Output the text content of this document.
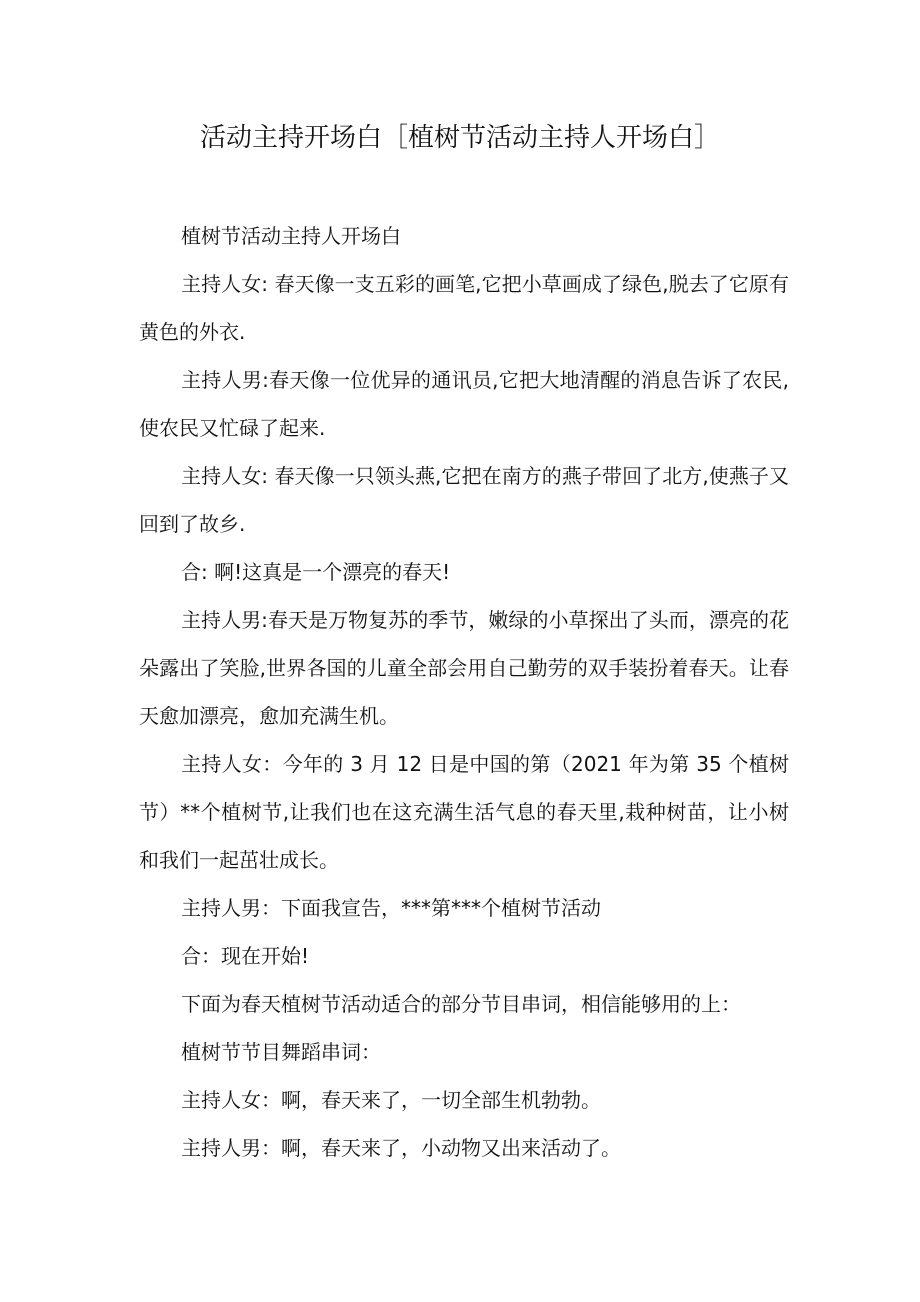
活动主持开场白［植树节活动主持人开场白］

植树节活动主持人开场白

主持人女: 春天像一支五彩的画笔,它把小草画成了绿色,脱去了它原有黄色的外衣.

主持人男:春天像一位优异的通讯员,它把大地清醒的消息告诉了农民,使农民又忙碌了起来.

主持人女: 春天像一只领头燕,它把在南方的燕子带回了北方,使燕子又回到了故乡.

合: 啊!这真是一个漂亮的春天!

主持人男:春天是万物复苏的季节，嫩绿的小草探出了头而，漂亮的花朵露出了笑脸,世界各国的儿童全部会用自己勤劳的双手装扮着春天。让春天愈加漂亮，愈加充满生机。

主持人女：今年的 3 月 12 日是中国的第（2021 年为第 35 个植树节）**个植树节,让我们也在这充满生活气息的春天里,栽种树苗，让小树和我们一起茁壮成长。

主持人男：下面我宣告，***第***个植树节活动

合：现在开始!

下面为春天植树节活动适合的部分节目串词，相信能够用的上：

植树节节目舞蹈串词：

主持人女：啊，春天来了，一切全部生机勃勃。

主持人男：啊，春天来了，小动物又出来活动了。
